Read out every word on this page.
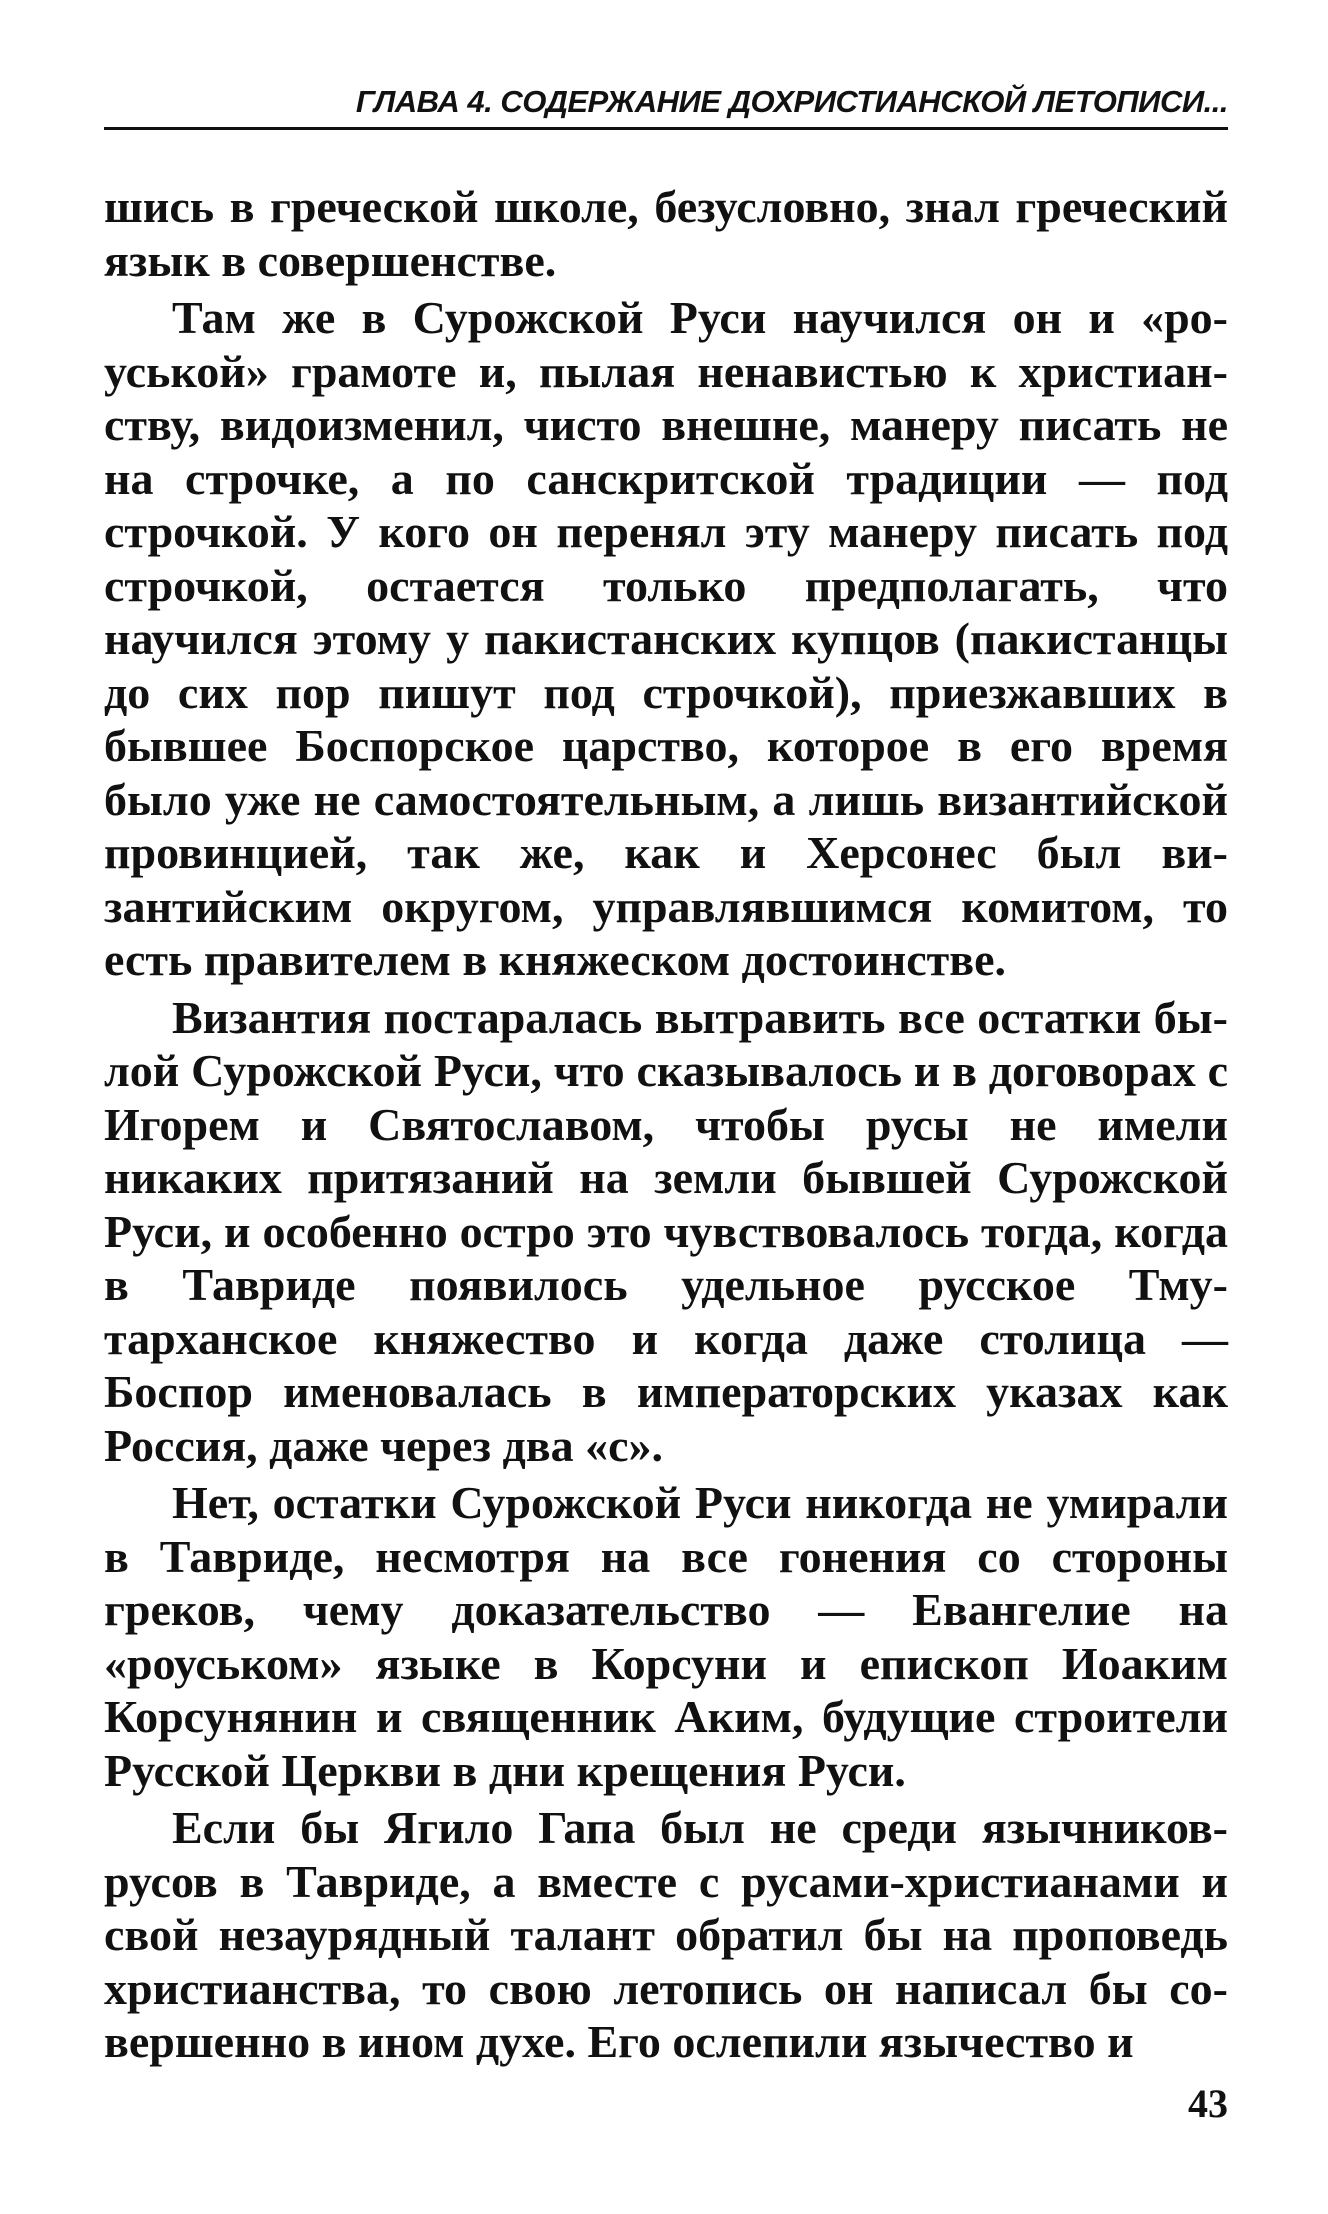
ГЛАВА 4. СОДЕРЖАНИЕ ДОХРИСТИАНСКОЙ ЛЕТОПИСИ...

шись в греческой школе, безусловно, знал греческий язык в совершенстве.

Там же в Сурожской Руси научился он и «роуськой» грамоте и, пылая ненавистью к христианству, видоизменил, чисто внешне, манеру писать не на строчке, а по санскритской традиции — под строчкой. У кого он перенял эту манеру писать под строчкой, остается только предполагать, что научился этому у пакистанских купцов (пакистанцы до сих пор пишут под строчкой), приезжавших в бывшее Боспорское царство, которое в его время было уже не самостоятельным, а лишь византийской провинцией, так же, как и Херсонес был византийским округом, управлявшимся комитом, то есть правителем в княжеском достоинстве.

Византия постаралась вытравить все остатки былой Сурожской Руси, что сказывалось и в договорах с Игорем и Святославом, чтобы русы не имели никаких притязаний на земли бывшей Сурожской Руси, и особенно остро это чувствовалось тогда, когда в Тавриде появилось удельное русское Тмутарханское княжество и когда даже столица — Боспор именовалась в императорских указах как Россия, даже через два «с».

Нет, остатки Сурожской Руси никогда не умирали в Тавриде, несмотря на все гонения со стороны греков, чему доказательство — Евангелие на «роуськом» языке в Корсуни и епископ Иоаким Корсунянин и священник Аким, будущие строители Русской Церкви в дни крещения Руси.

Если бы Ягило Гапа был не среди язычников-русов в Тавриде, а вместе с русами-христианами и свой незаурядный талант обратил бы на проповедь христианства, то свою летопись он написал бы совершенно в ином духе. Его ослепили язычество и

43
